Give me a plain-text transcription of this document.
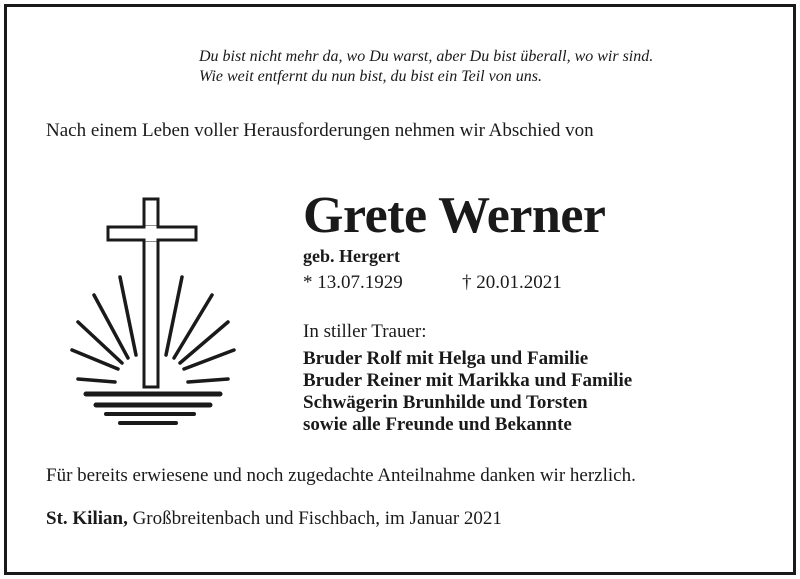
Du bist nicht mehr da, wo Du warst, aber Du bist überall, wo wir sind.
Wie weit entfernt du nun bist, du bist ein Teil von uns.
Nach einem Leben voller Herausforderungen nehmen wir Abschied von
Grete Werner
geb. Hergert
* 13.07.1929	† 20.01.2021
In stiller Trauer:
Bruder Rolf mit Helga und Familie
Bruder Reiner mit Marikka und Familie
Schwägerin Brunhilde und Torsten
sowie alle Freunde und Bekannte
Für bereits erwiesene und noch zugedachte Anteilnahme danken wir herzlich.
St. Kilian, Großbreitenbach und Fischbach, im Januar 2021
